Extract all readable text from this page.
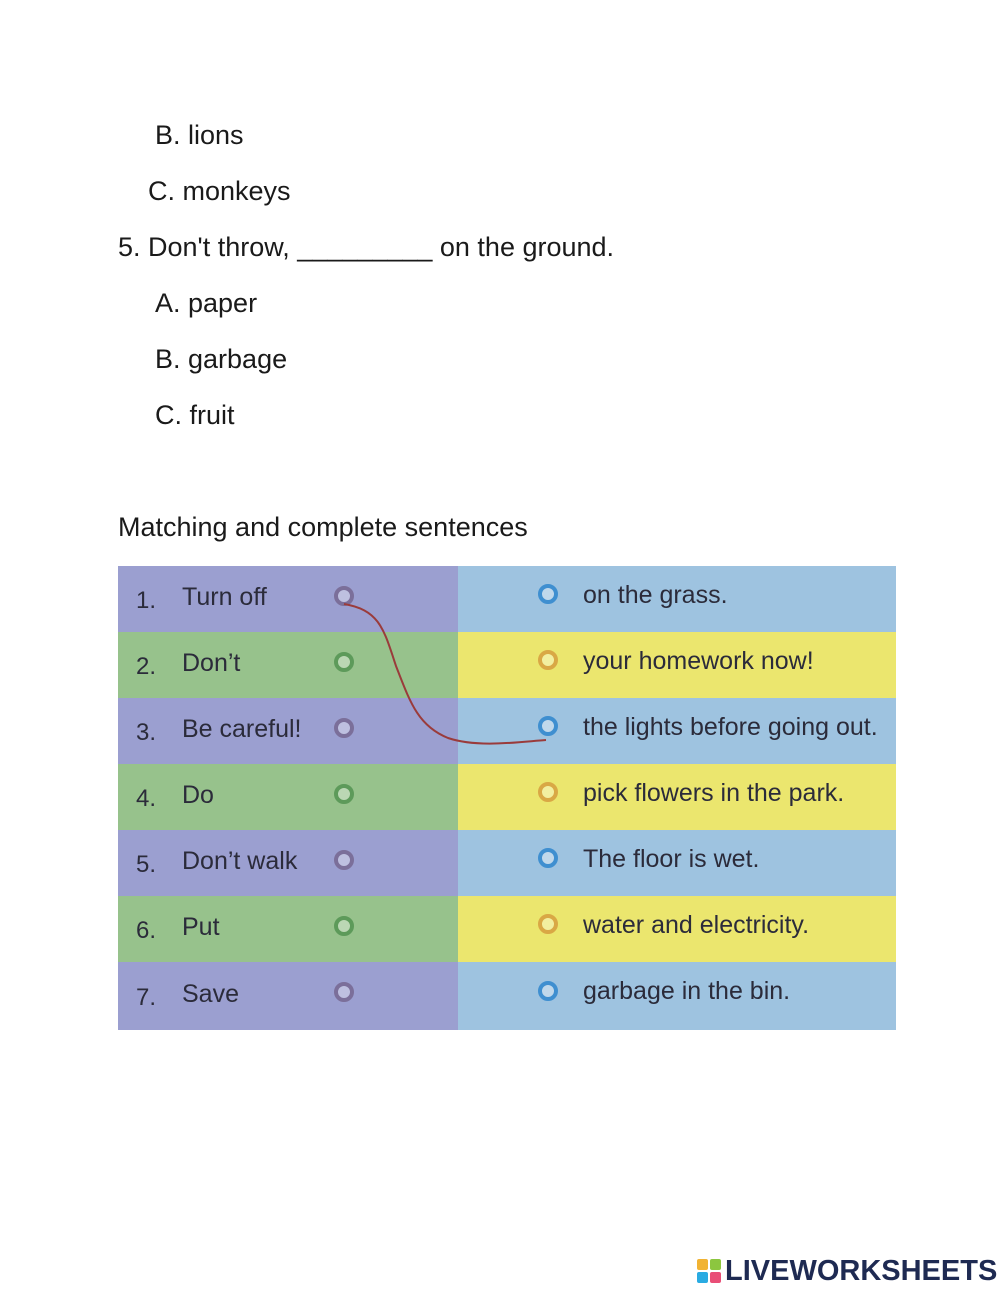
B. lions
C. monkeys
5. Don't throw, _________ on the ground.
A. paper
B. garbage
C. fruit
Matching and complete sentences
1. Turn off	on the grass.
2. Don’t	your homework now!
3. Be careful!	the lights before going out.
4. Do	pick flowers in the park.
5. Don’t walk	The floor is wet.
6. Put	water and electricity.
7. Save	garbage in the bin.
LIVEWORKSHEETS
